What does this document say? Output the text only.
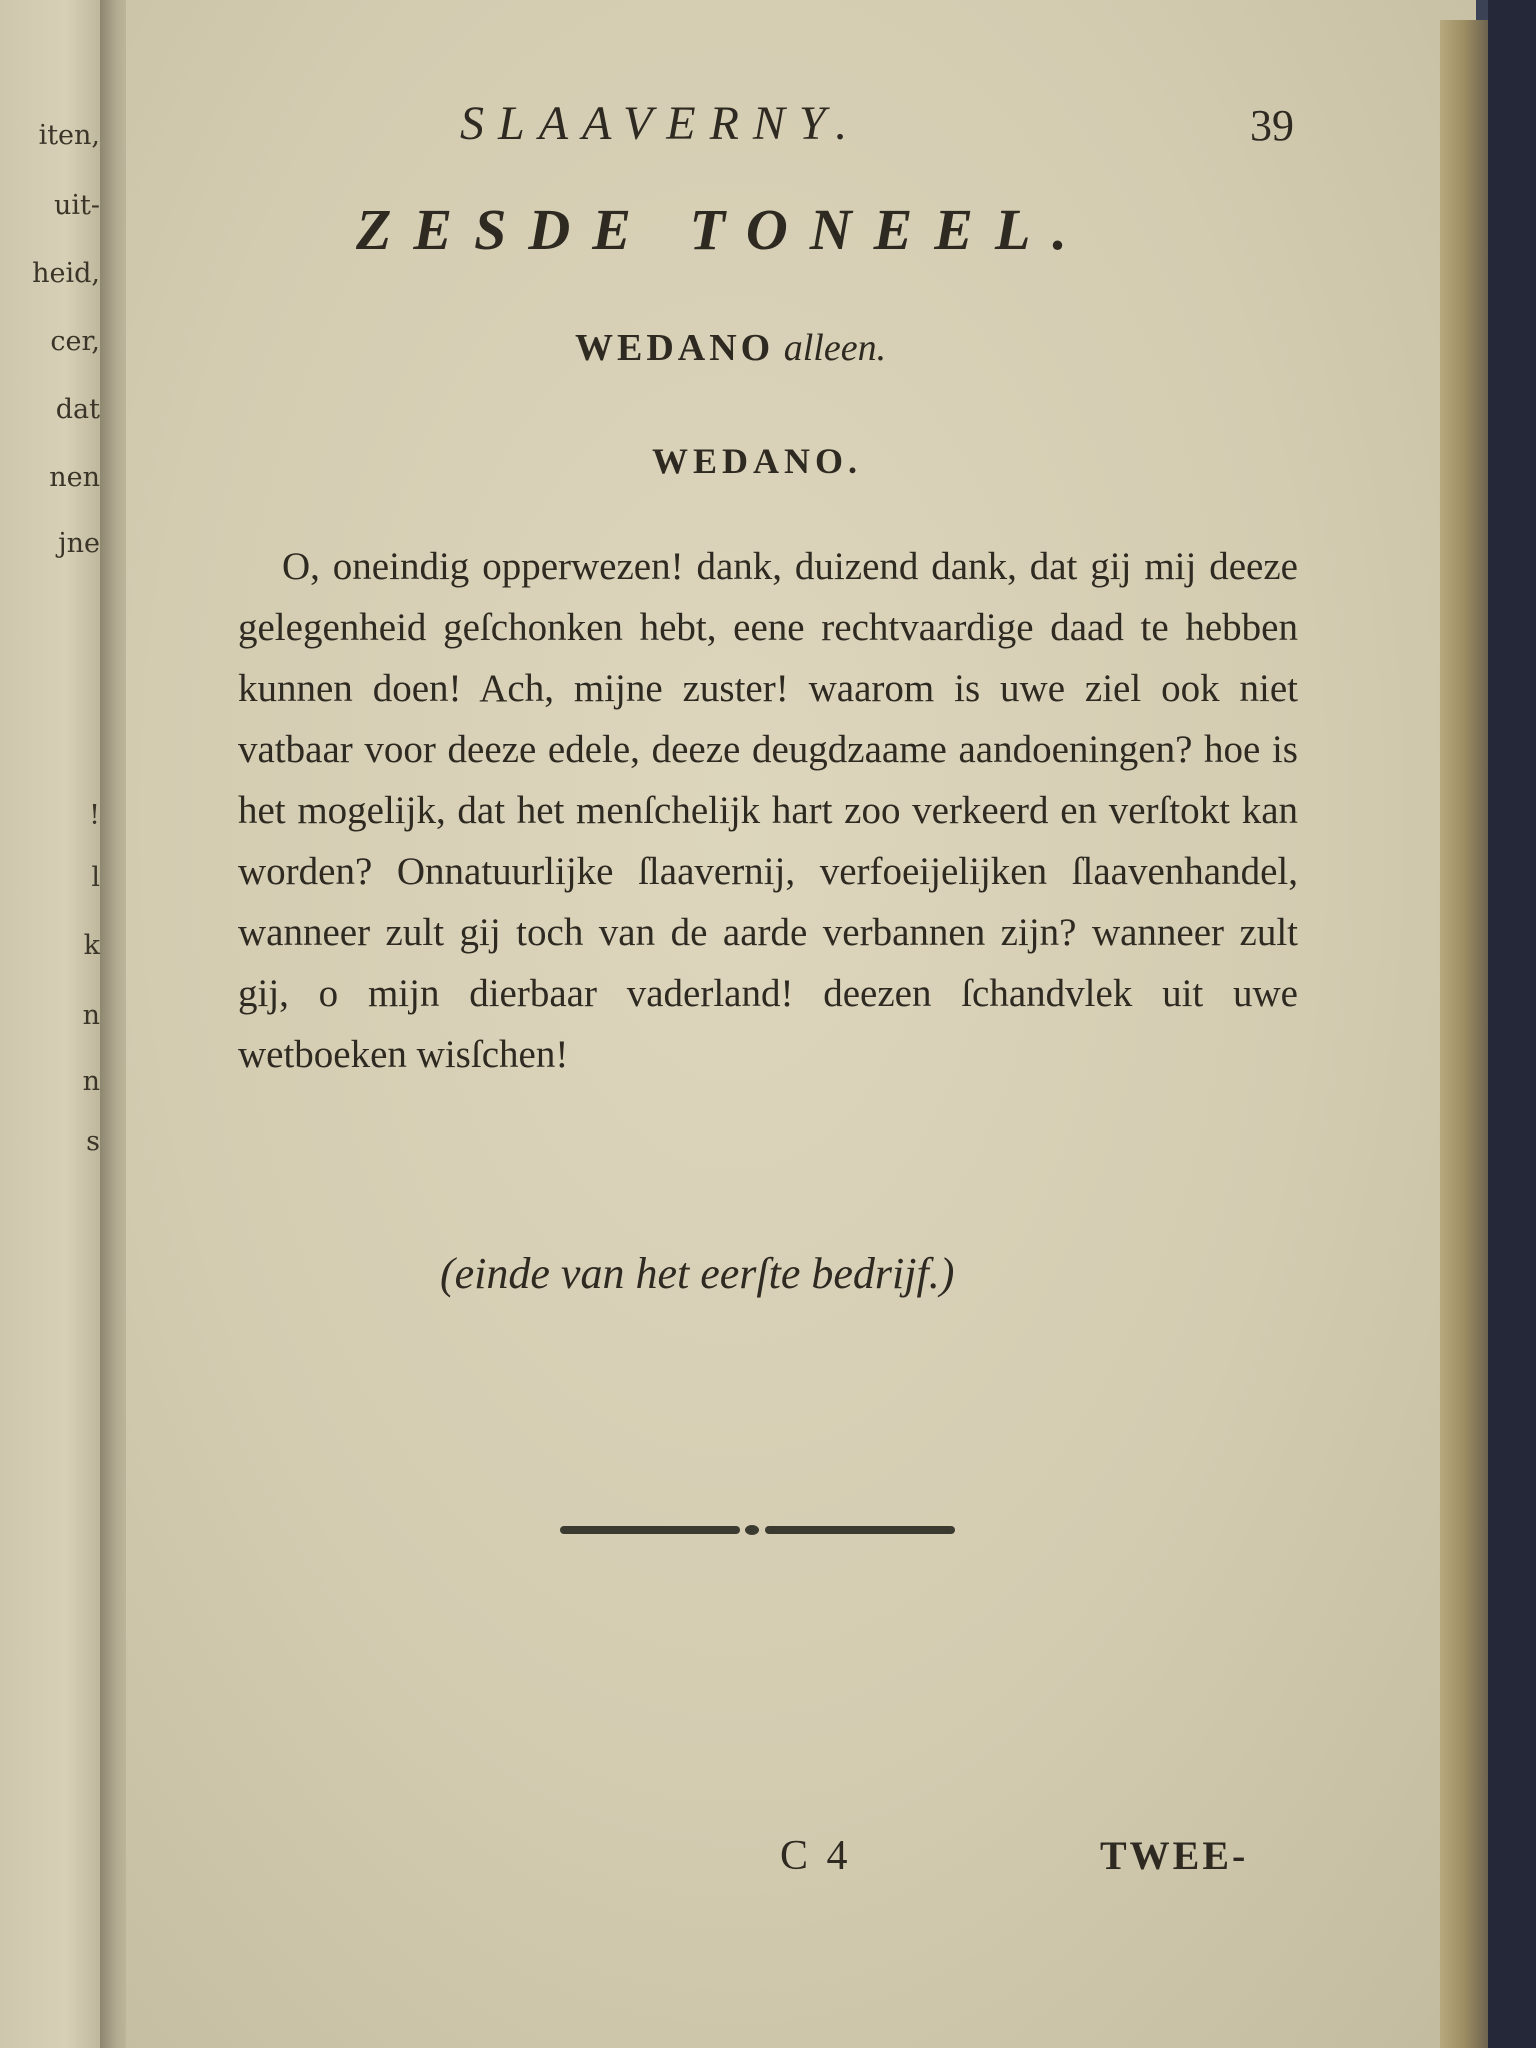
iten,
uit-
heid,
cer,
dat
nen
jne
!
l
k
n
n
s
SLAAVERNY.	39
ZESDE TONEEL.
WEDANO alleen.
WEDANO.
O, oneindig opperwezen! dank, duizend dank, dat gij mij deeze gelegenheid geſchonken hebt, eene rechtvaardige daad te hebben kunnen doen! Ach, mijne zuster! waarom is uwe ziel ook niet vatbaar voor deeze edele, deeze deugdzaame aandoeningen? hoe is het mogelijk, dat het menſchelijk hart zoo verkeerd en verſtokt kan worden? Onnatuurlijke ſlaavernij, verfoeijelijken ſlaavenhandel, wanneer zult gij toch van de aarde verbannen zijn? wanneer zult gij, o mijn dierbaar vaderland! deezen ſchandvlek uit uwe wetboeken wisſchen!
(einde van het eerſte bedrijf.)
C 4	TWEE-
